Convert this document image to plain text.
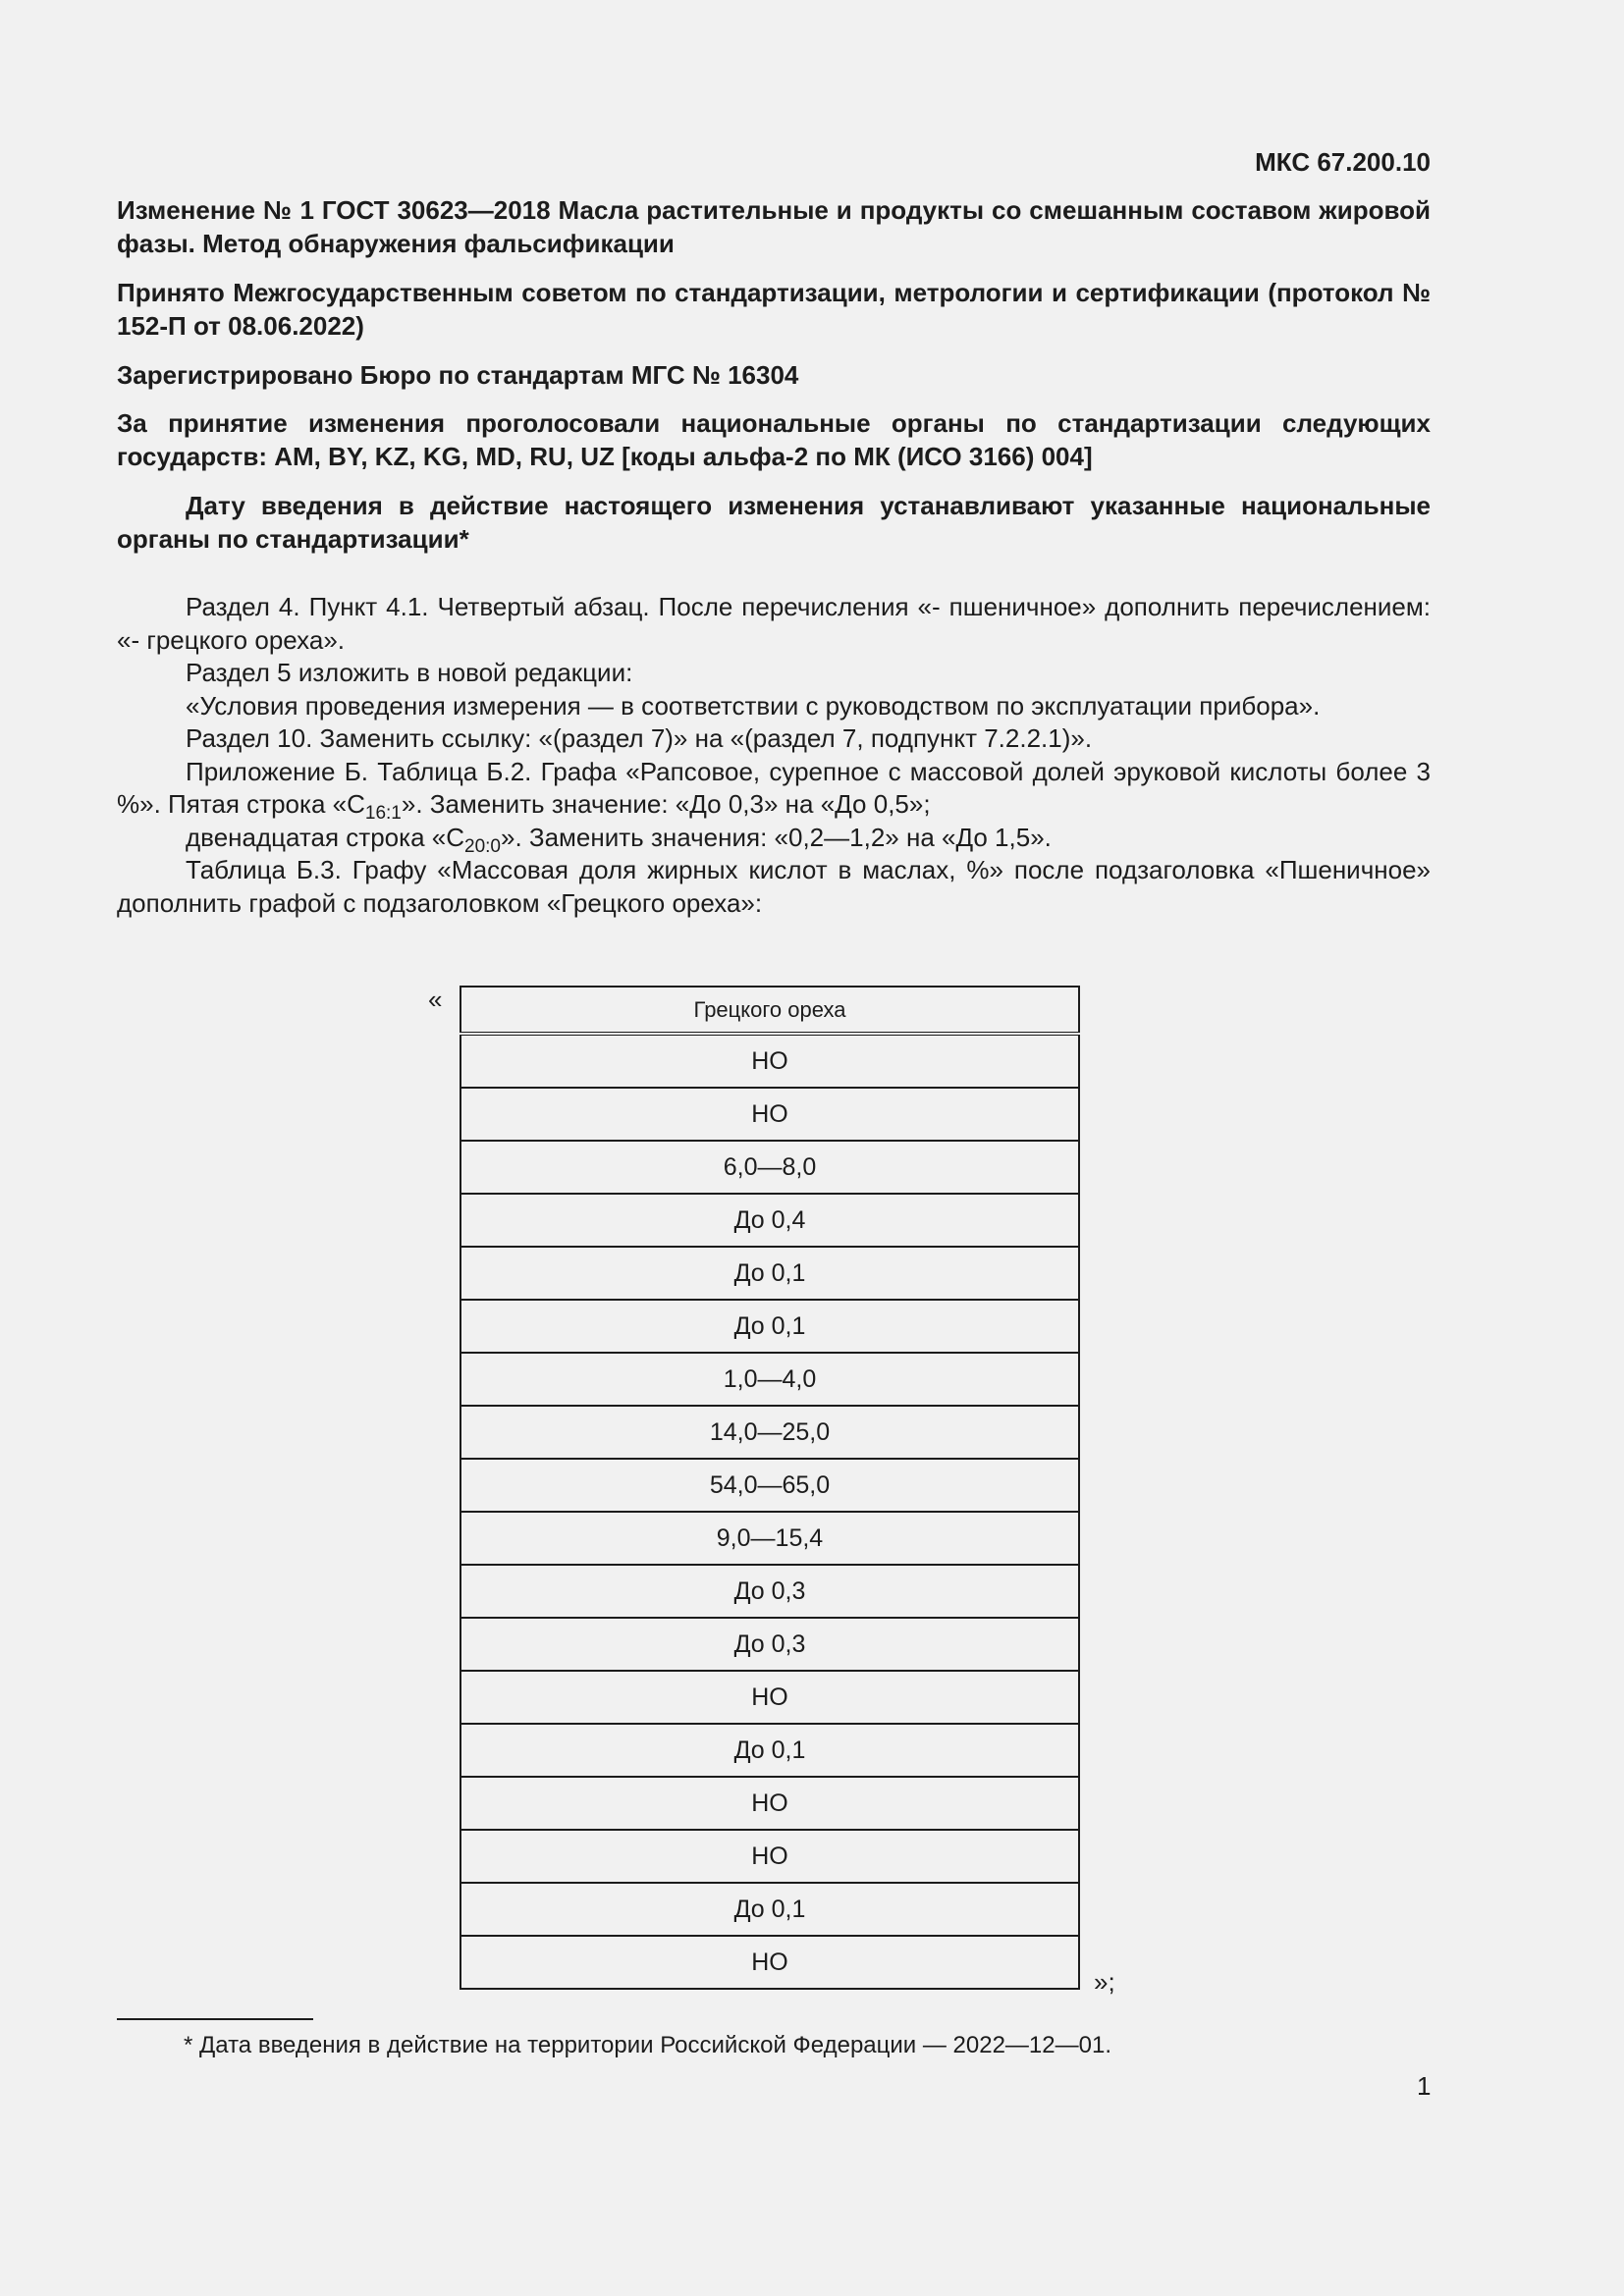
МКС 67.200.10

Изменение № 1 ГОСТ 30623—2018 Масла растительные и продукты со смешанным составом жировой фазы. Метод обнаружения фальсификации

Принято Межгосударственным советом по стандартизации, метрологии и сертификации (протокол № 152-П от 08.06.2022)

Зарегистрировано Бюро по стандартам МГС № 16304

За принятие изменения проголосовали национальные органы по стандартизации следующих государств: AM, BY, KZ, KG, MD, RU, UZ [коды альфа-2 по МК (ИСО 3166) 004]

Дату введения в действие настоящего изменения устанавливают указанные национальные органы по стандартизации*

Раздел 4. Пункт 4.1. Четвертый абзац. После перечисления «- пшеничное» дополнить перечислением: «- грецкого ореха».

Раздел 5 изложить в новой редакции:

«Условия проведения измерения — в соответствии с руководством по эксплуатации прибора».

Раздел 10. Заменить ссылку: «(раздел 7)» на «(раздел 7, подпункт 7.2.2.1)».

Приложение Б. Таблица Б.2. Графа «Рапсовое, сурепное с массовой долей эруковой кислоты более 3 %». Пятая строка «$C_{16:1}$». Заменить значение: «До 0,3» на «До 0,5»;

двенадцатая строка «$C_{20:0}$». Заменить значения: «0,2—1,2» на «До 1,5».

Таблица Б.3. Графу «Массовая доля жирных кислот в маслах, %» после подзаголовка «Пшеничное» дополнить графой с подзаголовком «Грецкого ореха»:

«	Грецкого ореха
НО
НО
6,0—8,0
До 0,4
До 0,1
До 0,1
1,0—4,0
14,0—25,0
54,0—65,0
9,0—15,4
До 0,3
До 0,3
НО
До 0,1
НО
НО
До 0,1
НО
»;
* Дата введения в действие на территории Российской Федерации — 2022—12—01.
1
